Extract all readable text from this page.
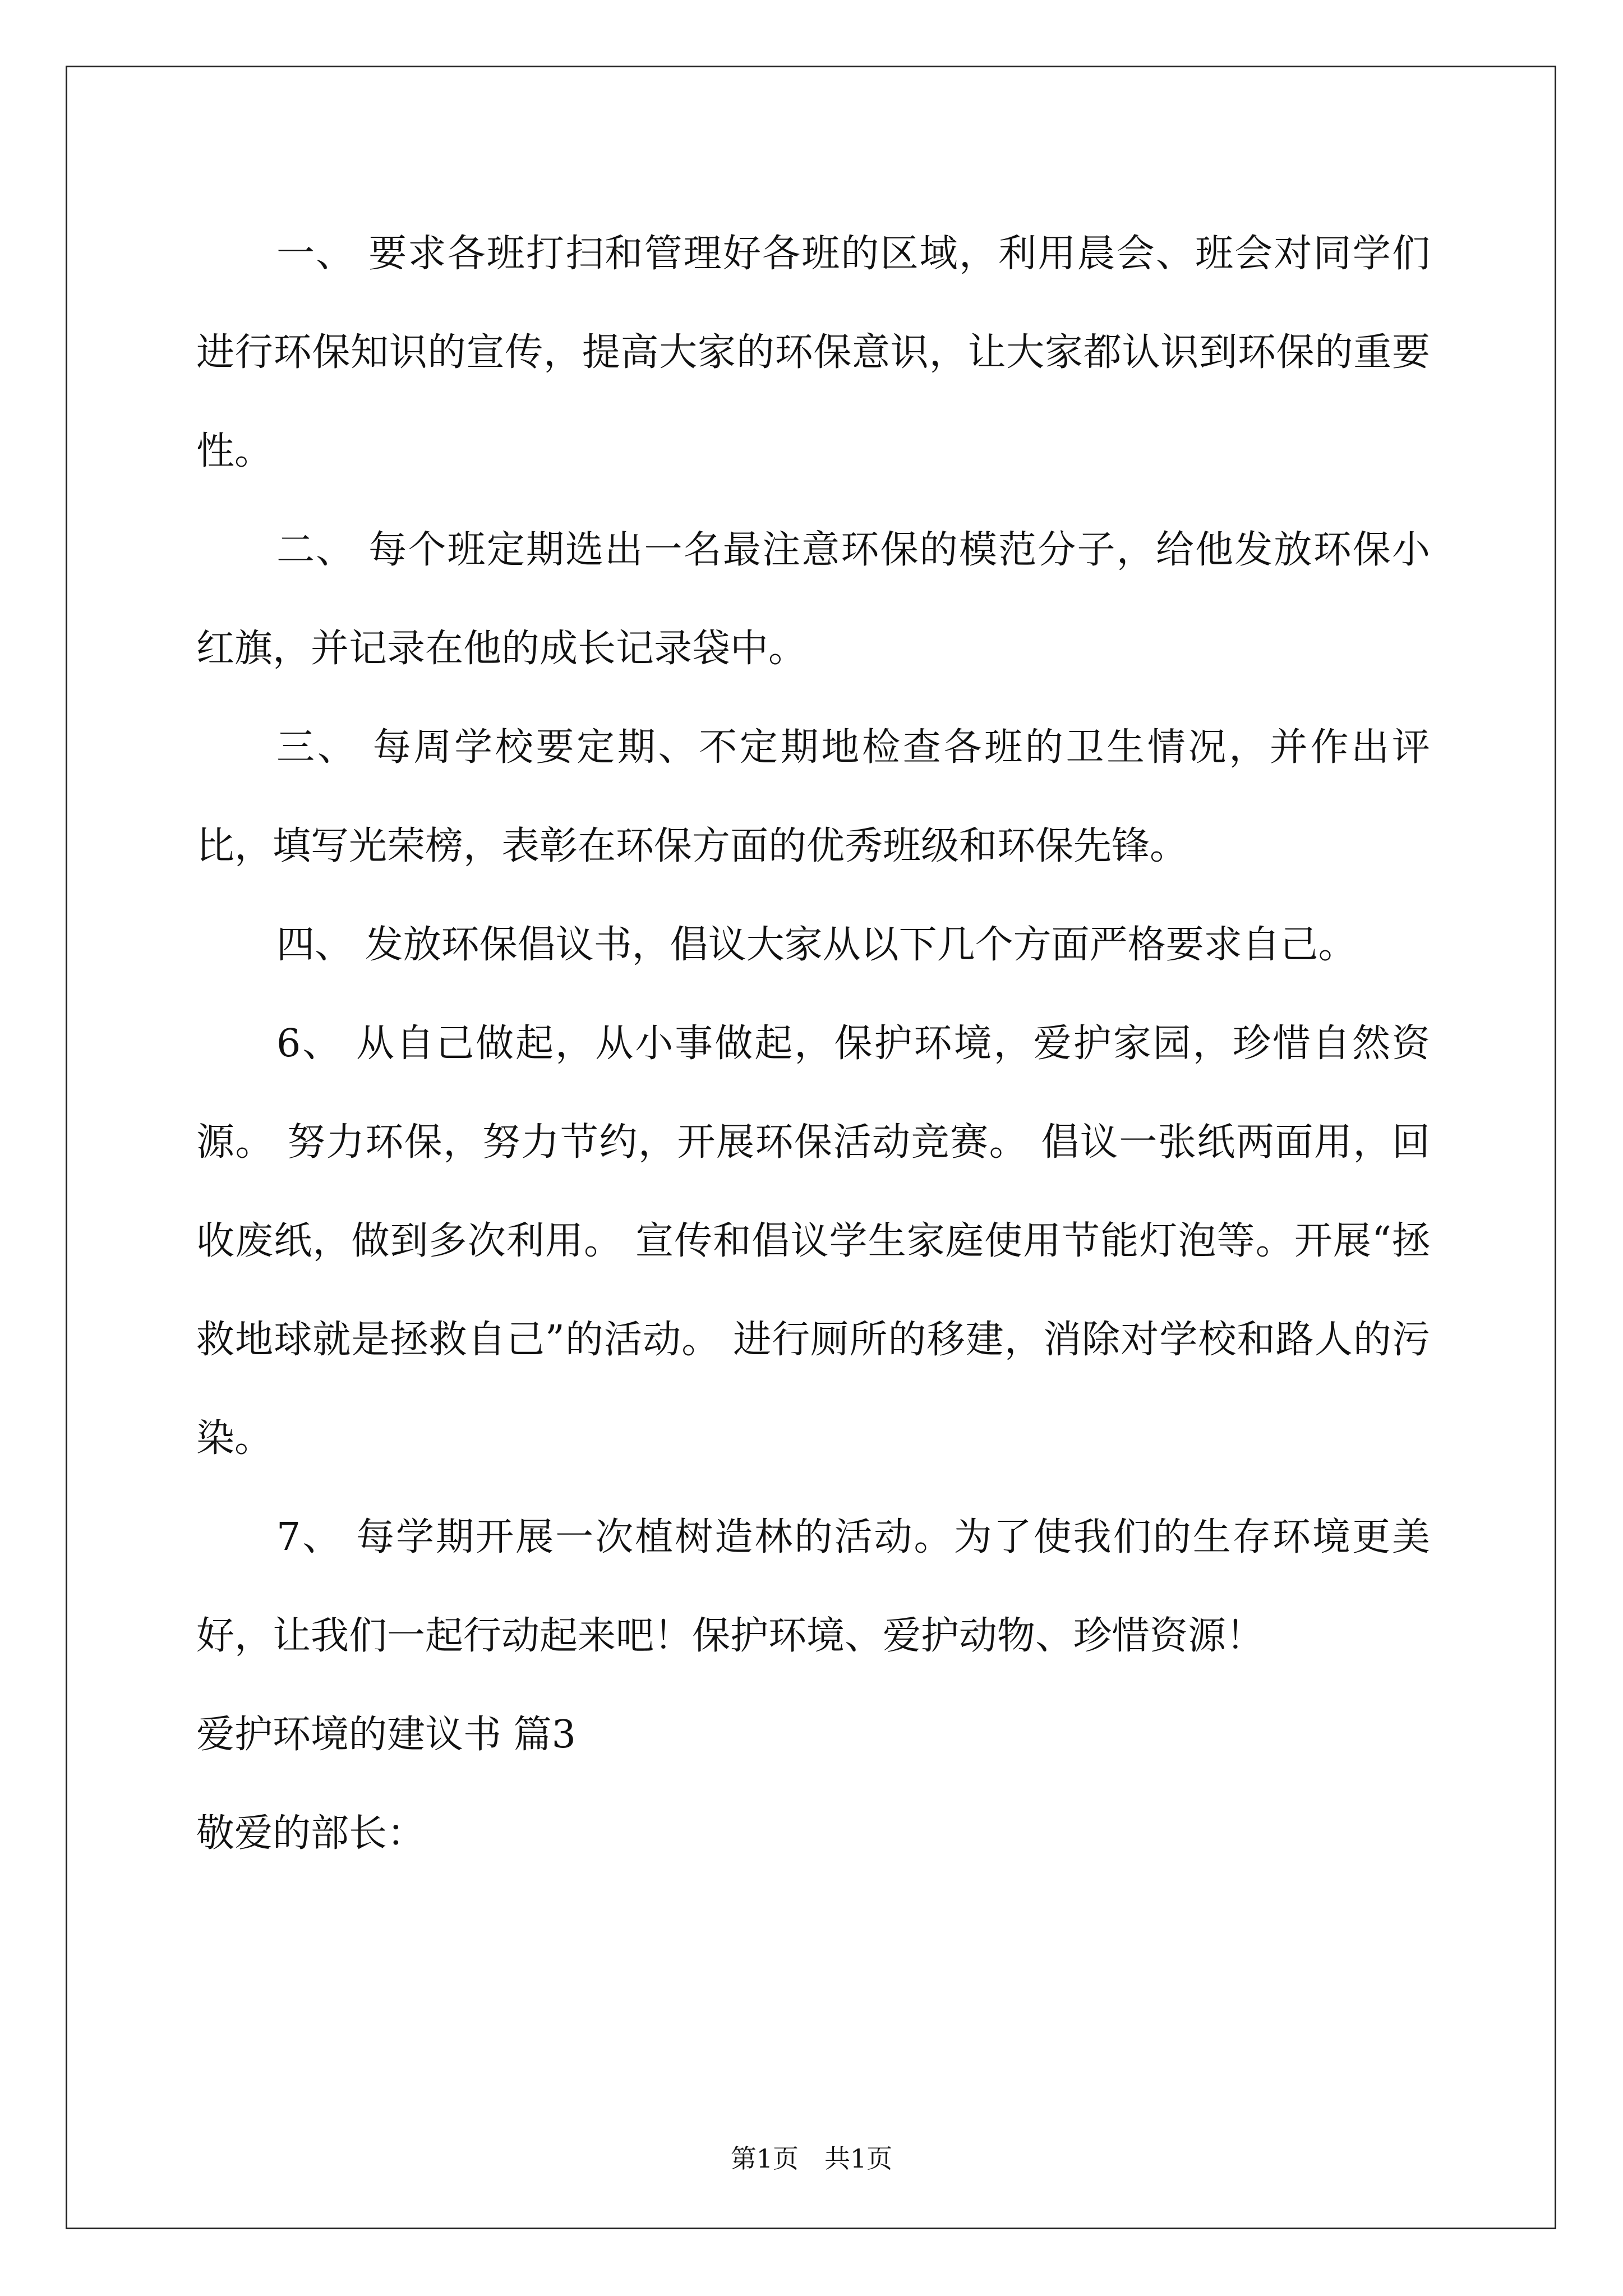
一、 要求各班打扫和管理好各班的区域，利用晨会、班会对同学们进行环保知识的宣传，提高大家的环保意识，让大家都认识到环保的重要性。

二、 每个班定期选出一名最注意环保的模范分子，给他发放环保小红旗，并记录在他的成长记录袋中。

三、 每周学校要定期、不定期地检查各班的卫生情况，并作出评比，填写光荣榜，表彰在环保方面的优秀班级和环保先锋。

四、 发放环保倡议书，倡议大家从以下几个方面严格要求自己。

6、 从自己做起，从小事做起，保护环境，爱护家园，珍惜自然资源。 努力环保，努力节约，开展环保活动竞赛。 倡议一张纸两面用，回收废纸，做到多次利用。 宣传和倡议学生家庭使用节能灯泡等。开展“拯救地球就是拯救自己”的活动。 进行厕所的移建，消除对学校和路人的污染。

7、 每学期开展一次植树造林的活动。为了使我们的生存环境更美好，让我们一起行动起来吧！保护环境、爱护动物、珍惜资源！

爱护环境的建议书 篇3

敬爱的部长：

第1页　共1页
